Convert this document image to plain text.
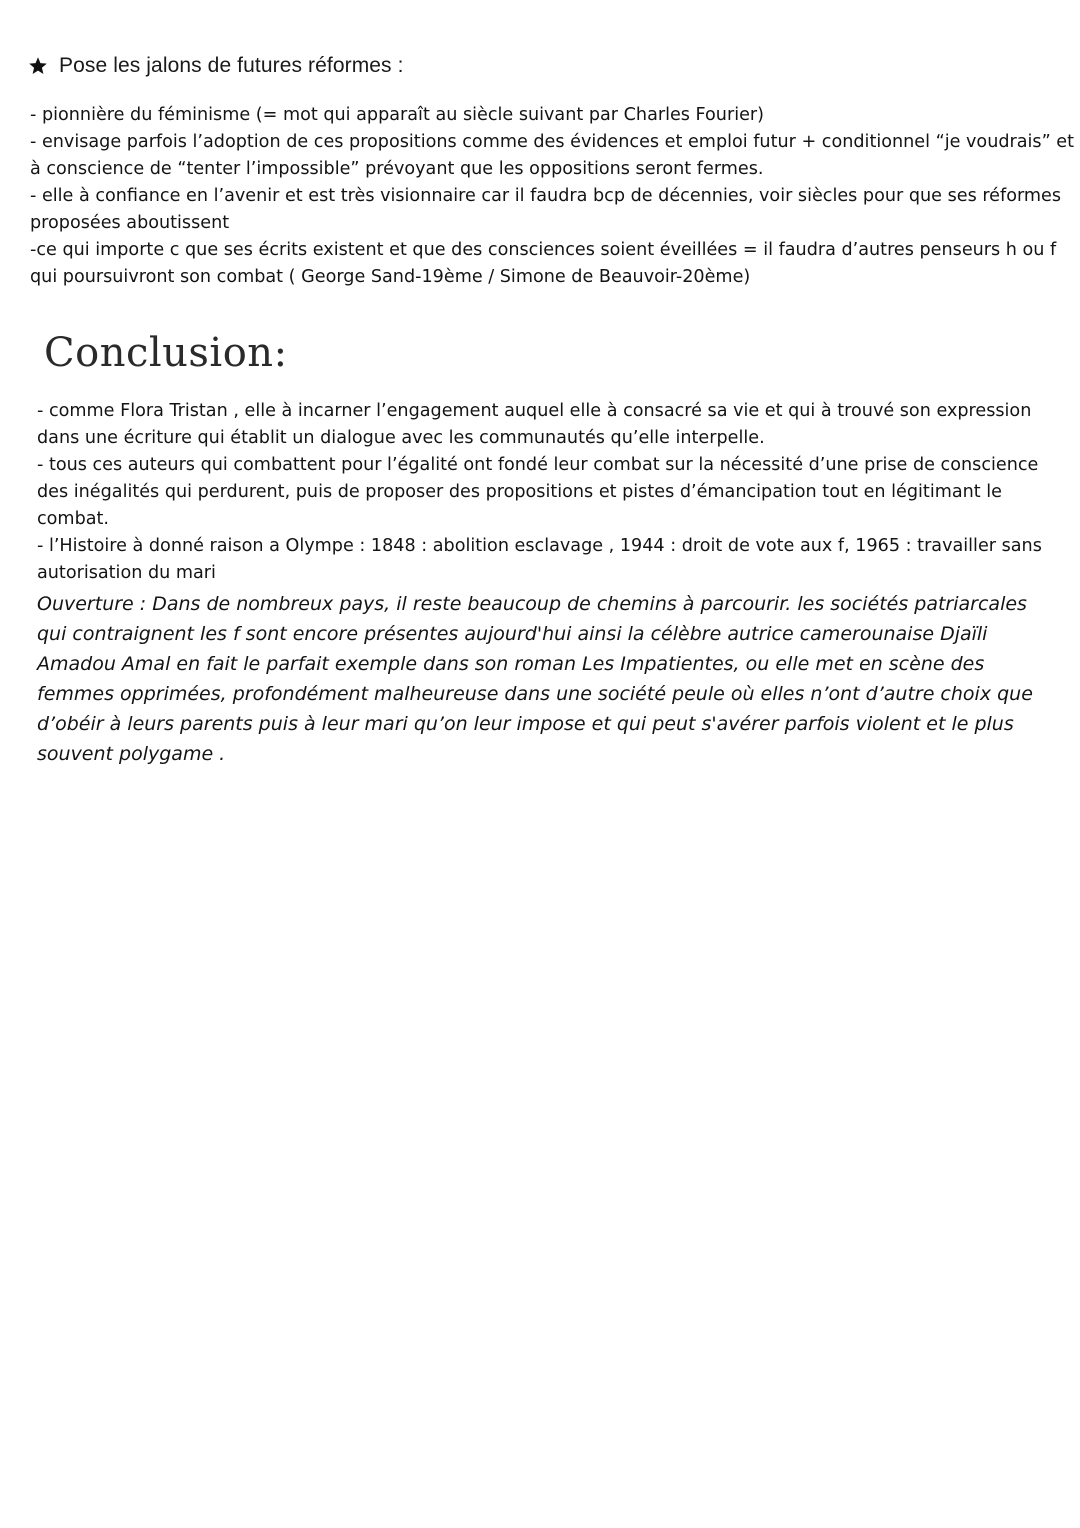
Pose les jalons de futures réformes :

- pionnière du féminisme (= mot qui apparaît au siècle suivant par Charles Fourier)

- envisage parfois l’adoption de ces propositions comme des évidences et emploi futur + conditionnel “je voudrais” et à conscience de “tenter l’impossible” prévoyant que les oppositions seront fermes.

- elle à confiance en l’avenir et est très visionnaire car il faudra bcp de décennies, voir siècles pour que ses réformes proposées aboutissent

-ce qui importe c que ses écrits existent et que des consciences soient éveillées = il faudra d’autres penseurs h ou f qui poursuivront son combat ( George Sand-19ème / Simone de Beauvoir-20ème)

Conclusion:

- comme Flora Tristan , elle à incarner l’engagement auquel elle à consacré sa vie et qui à trouvé son expression dans une écriture qui établit un dialogue avec les communautés qu’elle interpelle.

- tous ces auteurs qui combattent pour l’égalité ont fondé leur combat sur la nécessité d’une prise de conscience des inégalités qui perdurent, puis de proposer des propositions et pistes d’émancipation tout en légitimant le combat.

- l’Histoire à donné raison a Olympe : 1848 : abolition esclavage , 1944 : droit de vote aux f, 1965 : travailler sans autorisation du mari

Ouverture : Dans de nombreux pays, il reste beaucoup de chemins à parcourir. les sociétés patriarcales qui contraignent les f sont encore présentes aujourd'hui ainsi la célèbre autrice camerounaise Djaïli Amadou Amal en fait le parfait exemple dans son roman Les Impatientes, ou elle met en scène des femmes opprimées, profondément malheureuse dans une société peule où elles n’ont d’autre choix que d’obéir à leurs parents puis à leur mari qu’on leur impose et qui peut s'avérer parfois violent et le plus souvent polygame .
